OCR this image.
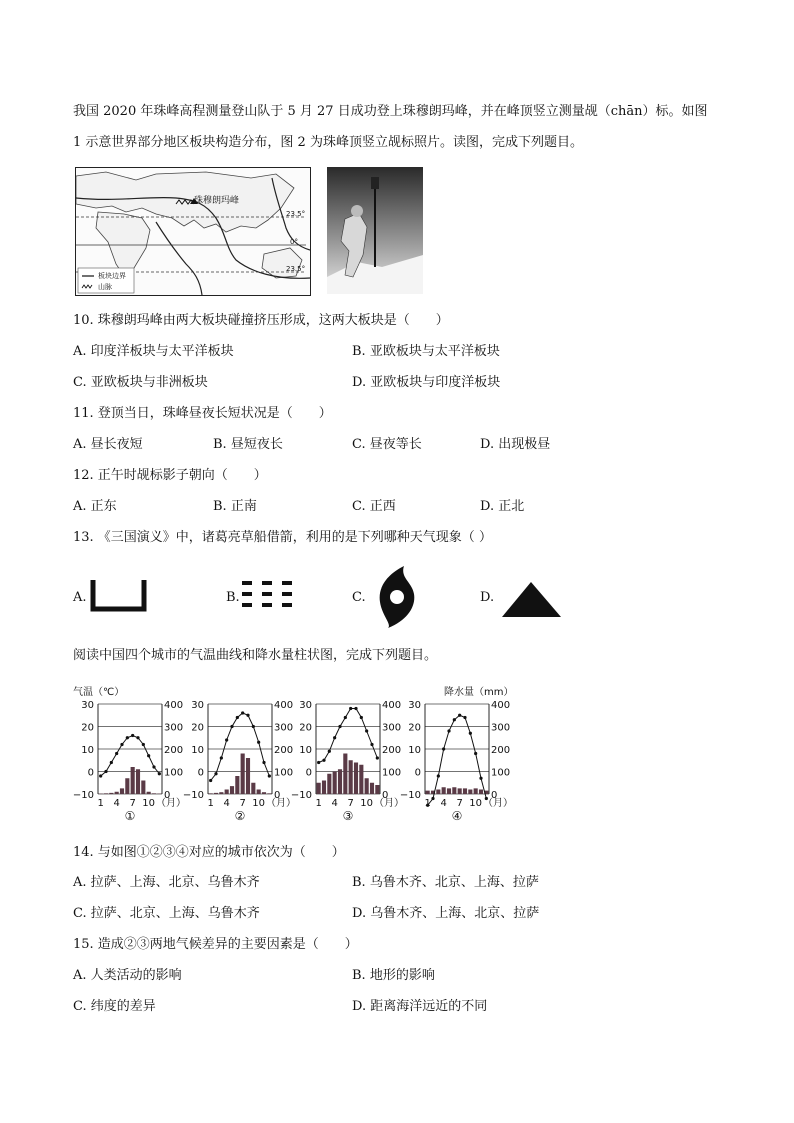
我国 2020 年珠峰高程测量登山队于 5 月 27 日成功登上珠穆朗玛峰，并在峰顶竖立测量觇（chān）标。如图
1 示意世界部分地区板块构造分布，图 2 为珠峰顶竖立觇标照片。读图，完成下列题目。
珠穆朗玛峰
23.5°
0°
23.5°
板块边界
山脉
10. 珠穆朗玛峰由两大板块碰撞挤压形成，这两大板块是（　　）
A. 印度洋板块与太平洋板块	B. 亚欧板块与太平洋板块
C. 亚欧板块与非洲板块	D. 亚欧板块与印度洋板块
11. 登顶当日，珠峰昼夜长短状况是（　　）
A. 昼长夜短	B. 昼短夜长	C. 昼夜等长	D. 出现极昼
12. 正午时觇标影子朝向（　　）
A. 正东	B. 正南	C. 正西	D. 正北
13. 《三国演义》中，诸葛亮草船借箭，利用的是下列哪种天气现象（ ）
A.	B.	C.	D.
阅读中国四个城市的气温曲线和降水量柱状图，完成下列题目。
气温（℃）	降水量（mm）
30
20
10
0
−10
400
300
200
100
0
1 4 7 10 （月）
①
30
20
10
0
−10
400
300
200
100
0
1 4 7 10 （月）
②
30
20
10
0
−10
400
300
200
100
0
1 4 7 10 （月）
③
30
20
10
0
−10
400
300
200
100
0
1 4 7 10 （月）
④
14. 与如图①②③④对应的城市依次为（　　）
A. 拉萨、上海、北京、乌鲁木齐	B. 乌鲁木齐、北京、上海、拉萨
C. 拉萨、北京、上海、乌鲁木齐	D. 乌鲁木齐、上海、北京、拉萨
15. 造成②③两地气候差异的主要因素是（　　）
A. 人类活动的影响	B. 地形的影响
C. 纬度的差异	D. 距离海洋远近的不同
